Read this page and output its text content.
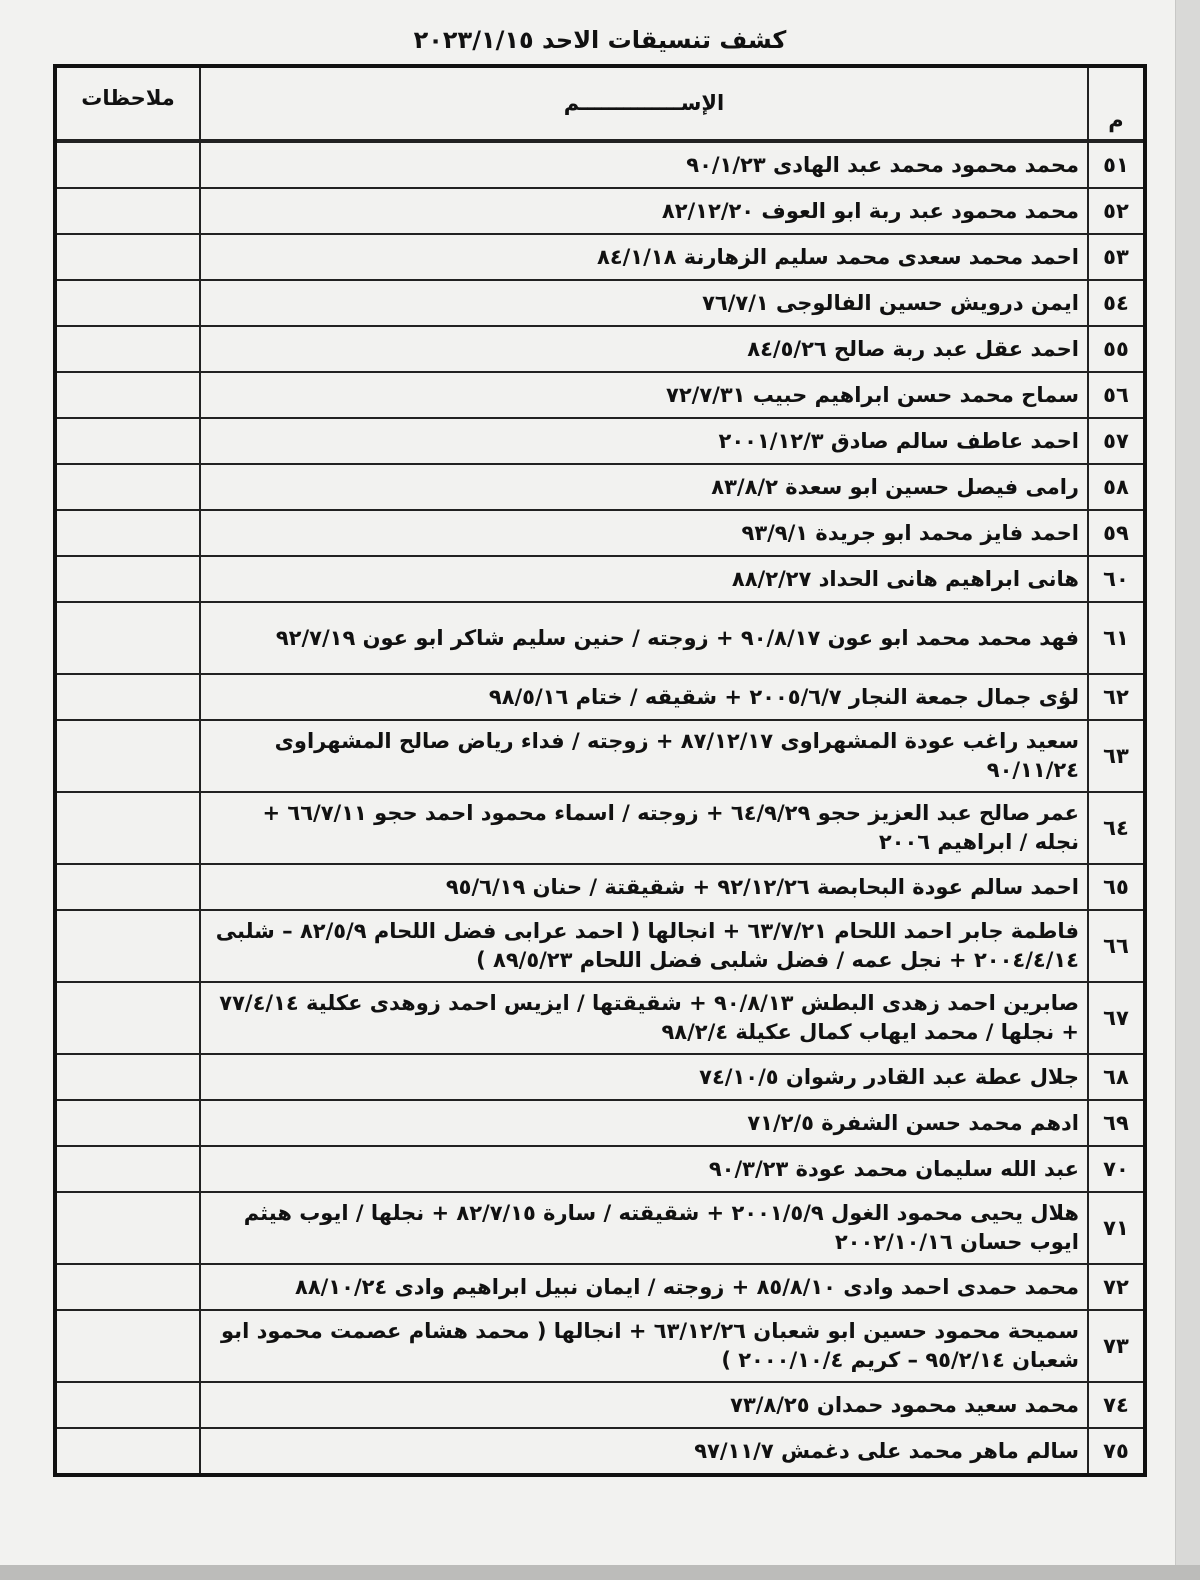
كشف تنسيقات الاحد ٢٠٢٣/١/١٥
م	الإســــــــــــــم	ملاحظات
٥١	محمد محمود محمد عبد الهادى ٩٠/١/٢٣	
٥٢	محمد محمود عبد ربة ابو العوف ٨٢/١٢/٢٠	
٥٣	احمد محمد سعدى محمد سليم الزهارنة ٨٤/١/١٨	
٥٤	ايمن درويش حسين الفالوجى ٧٦/٧/١	
٥٥	احمد عقل عبد ربة صالح ٨٤/٥/٢٦	
٥٦	سماح محمد حسن ابراهيم حبيب ٧٢/٧/٣١	
٥٧	احمد عاطف سالم صادق ٢٠٠١/١٢/٣	
٥٨	رامى فيصل حسين ابو سعدة ٨٣/٨/٢	
٥٩	احمد فايز محمد ابو جريدة ٩٣/٩/١	
٦٠	هانى ابراهيم هانى الحداد ٨٨/٢/٢٧	
٦١	فهد محمد محمد ابو عون ٩٠/٨/١٧ + زوجته / حنين سليم شاكر ابو عون ٩٢/٧/١٩	
٦٢	لؤى جمال جمعة النجار ٢٠٠٥/٦/٧ + شقيقه / ختام ٩٨/٥/١٦	
٦٣	سعيد راغب عودة المشهراوى ٨٧/١٢/١٧ + زوجته / فداء رياض صالح المشهراوى ٩٠/١١/٢٤	
٦٤	عمر صالح عبد العزيز حجو ٦٤/٩/٢٩ + زوجته / اسماء محمود احمد حجو ٦٦/٧/١١ + نجله / ابراهيم ٢٠٠٦	
٦٥	احمد سالم عودة البحابصة ٩٢/١٢/٢٦ + شقيقتة / حنان ٩٥/٦/١٩	
٦٦	فاطمة جابر احمد اللحام ٦٣/٧/٢١ + انجالها ( احمد عرابى فضل اللحام ٨٢/٥/٩ – شلبى ٢٠٠٤/٤/١٤ + نجل عمه / فضل شلبى فضل اللحام ٨٩/٥/٢٣ )	
٦٧	صابرين احمد زهدى البطش ٩٠/٨/١٣ + شقيقتها / ايزيس احمد زوهدى عكلية ٧٧/٤/١٤ + نجلها / محمد ايهاب كمال عكيلة ٩٨/٢/٤	
٦٨	جلال عطة عبد القادر رشوان ٧٤/١٠/٥	
٦٩	ادهم محمد حسن الشفرة ٧١/٢/٥	
٧٠	عبد الله سليمان محمد عودة ٩٠/٣/٢٣	
٧١	هلال يحيى محمود الغول ٢٠٠١/٥/٩ + شقيقته / سارة ٨٢/٧/١٥ + نجلها / ايوب هيثم ايوب حسان ٢٠٠٢/١٠/١٦	
٧٢	محمد حمدى احمد وادى ٨٥/٨/١٠ + زوجته / ايمان نبيل ابراهيم وادى ٨٨/١٠/٢٤	
٧٣	سميحة محمود حسين ابو شعبان ٦٣/١٢/٢٦ + انجالها ( محمد هشام عصمت محمود ابو شعبان ٩٥/٢/١٤ – كريم ٢٠٠٠/١٠/٤ )	
٧٤	محمد سعيد محمود حمدان ٧٣/٨/٢٥	
٧٥	سالم ماهر محمد على دغمش ٩٧/١١/٧	
